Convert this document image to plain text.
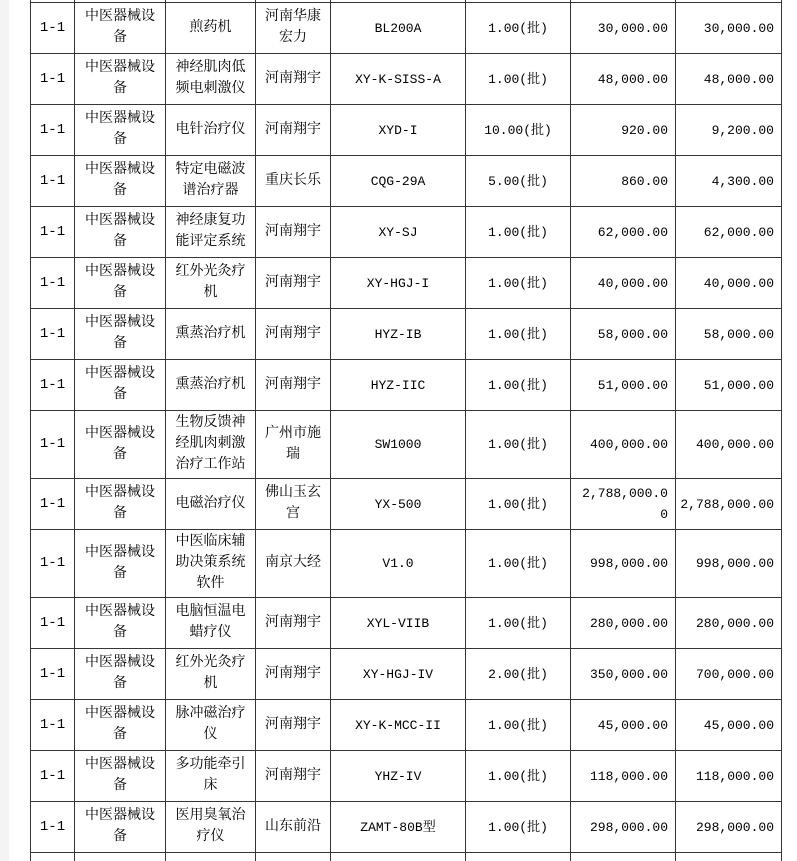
1-1	中医器械设备	煎药机	河南华康宏力	BL200A	1.00(批)	30,000.00	30,000.00
1-1	中医器械设备	神经肌肉低频电刺激仪	河南翔宇	XY-K-SISS-A	1.00(批)	48,000.00	48,000.00
1-1	中医器械设备	电针治疗仪	河南翔宇	XYD-I	10.00(批)	920.00	9,200.00
1-1	中医器械设备	特定电磁波谱治疗器	重庆长乐	CQG-29A	5.00(批)	860.00	4,300.00
1-1	中医器械设备	神经康复功能评定系统	河南翔宇	XY-SJ	1.00(批)	62,000.00	62,000.00
1-1	中医器械设备	红外光灸疗机	河南翔宇	XY-HGJ-I	1.00(批)	40,000.00	40,000.00
1-1	中医器械设备	熏蒸治疗机	河南翔宇	HYZ-IB	1.00(批)	58,000.00	58,000.00
1-1	中医器械设备	熏蒸治疗机	河南翔宇	HYZ-IIC	1.00(批)	51,000.00	51,000.00
1-1	中医器械设备	生物反馈神经肌肉刺激治疗工作站	广州市施瑞	SW1000	1.00(批)	400,000.00	400,000.00
1-1	中医器械设备	电磁治疗仪	佛山玉玄宫	YX-500	1.00(批)	2,788,000.00	2,788,000.00
1-1	中医器械设备	中医临床辅助决策系统软件	南京大经	V1.0	1.00(批)	998,000.00	998,000.00
1-1	中医器械设备	电脑恒温电蜡疗仪	河南翔宇	XYL-VIIB	1.00(批)	280,000.00	280,000.00
1-1	中医器械设备	红外光灸疗机	河南翔宇	XY-HGJ-IV	2.00(批)	350,000.00	700,000.00
1-1	中医器械设备	脉冲磁治疗仪	河南翔宇	XY-K-MCC-II	1.00(批)	45,000.00	45,000.00
1-1	中医器械设备	多功能牵引床	河南翔宇	YHZ-IV	1.00(批)	118,000.00	118,000.00
1-1	中医器械设备	医用臭氧治疗仪	山东前沿	ZAMT-80B型	1.00(批)	298,000.00	298,000.00
